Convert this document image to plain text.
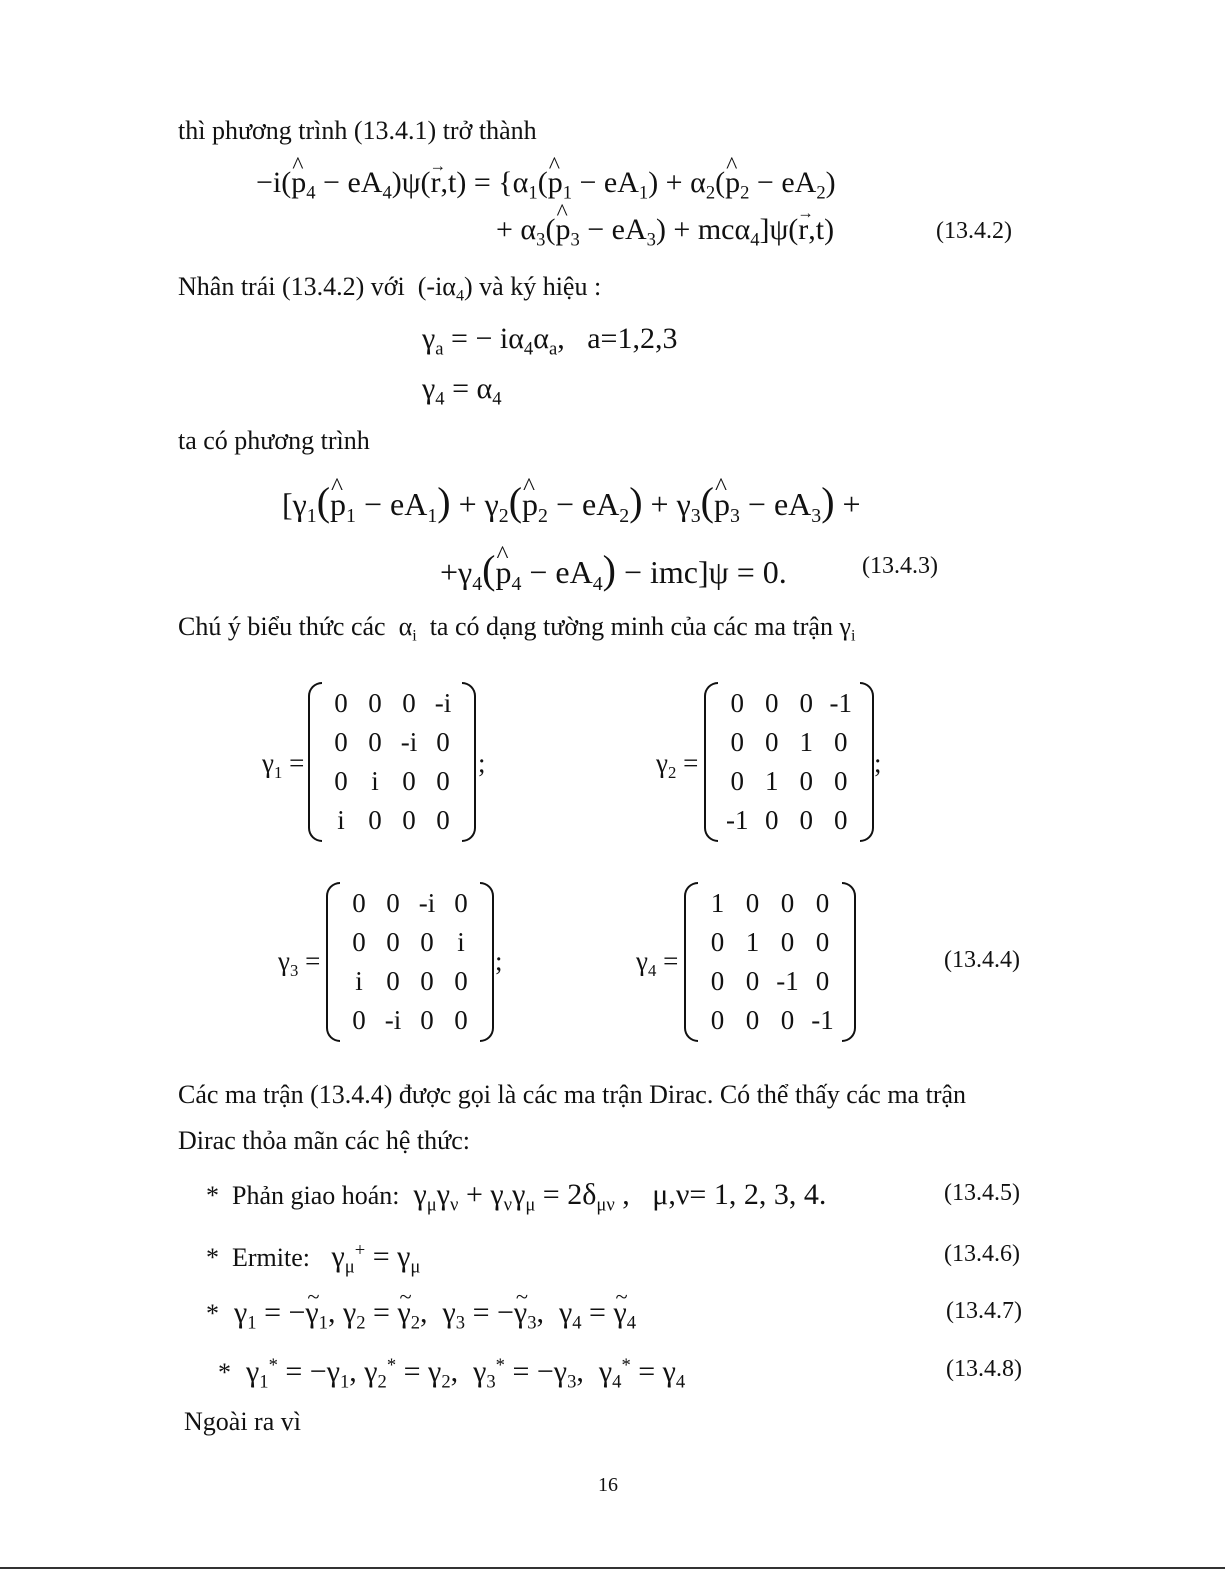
thì phương trình (13.4.1) trở thành
−i(^ $p_4 - eA_4)\psi(\to r,t)$ = {$\alpha_1(\^{}$ $p_1 - eA_1$) + $\alpha_2(\^{}$ $p_2 - eA_2$)
+ $\alpha_3(\^{}$ $p_3 - eA_3) + mc\alpha_4]\psi(\to r,t)$	(13.4.2)
Nhân trái (13.4.2) với  $(-i\alpha_4)$ và ký hiệu :
$\gamma_a$ = − $i\alpha_4\alpha_a$,   a=1,2,3
$\gamma_4 = \alpha_4$
ta có phương trình
[$\gamma_1(\^{}$ $p_1 - eA_1$) + $\gamma_2(\^{}$ $p_2 - eA_2$) + $\gamma_3(\^{}$ $p_3 - eA_3$) +
$+\gamma_4(\^{}$ $p_4 - eA_4) - imc]\psi = 0$.	(13.4.3)
Chú ý biểu thức các  $\alpha_i$ ta có dạng tường minh của các ma trận $\gamma_i$
$\gamma_1$ =
0 0 0 -i
0 0 -i 0
0 i 0 0
i 0 0 0
;	$\gamma_2$ =
0 0 0 -1
0 0 1 0
0 1 0 0
-1 0 0 0
;
$\gamma_3$ =
0 0 -i 0
0 0 0 i
i 0 0 0
0 -i 0 0
;	$\gamma_4$ =
1 0 0 0
0 1 0 0
0 0 -1 0
0 0 0 -1
(13.4.4)
Các ma trận (13.4.4) được gọi là các ma trận Dirac. Có thể thấy các ma trận
Dirac thỏa mãn các hệ thức:
* Phản giao hoán:  $\gamma_\mu\gamma_\nu + \gamma_\nu\gamma_\mu = 2\delta_{\mu\nu}$ ,   μ,ν= 1, 2, 3, 4.	(13.4.5)
* Ermite:   $\gamma_\mu^+ = \gamma_\mu$	(13.4.6)
*  $\gamma_1$ = −~ $\gamma_1$, $\gamma_2$ = ~ $\gamma_2$,  $\gamma_3$ = −~ $\gamma_3$,  $\gamma_4$ = ~ $\gamma_4$	(13.4.7)
*  $\gamma_1^* = -\gamma_1$, $\gamma_2^* = \gamma_2$,  $\gamma_3^* = -\gamma_3$,  $\gamma_4^* = \gamma_4$	(13.4.8)
Ngoài ra vì
16
